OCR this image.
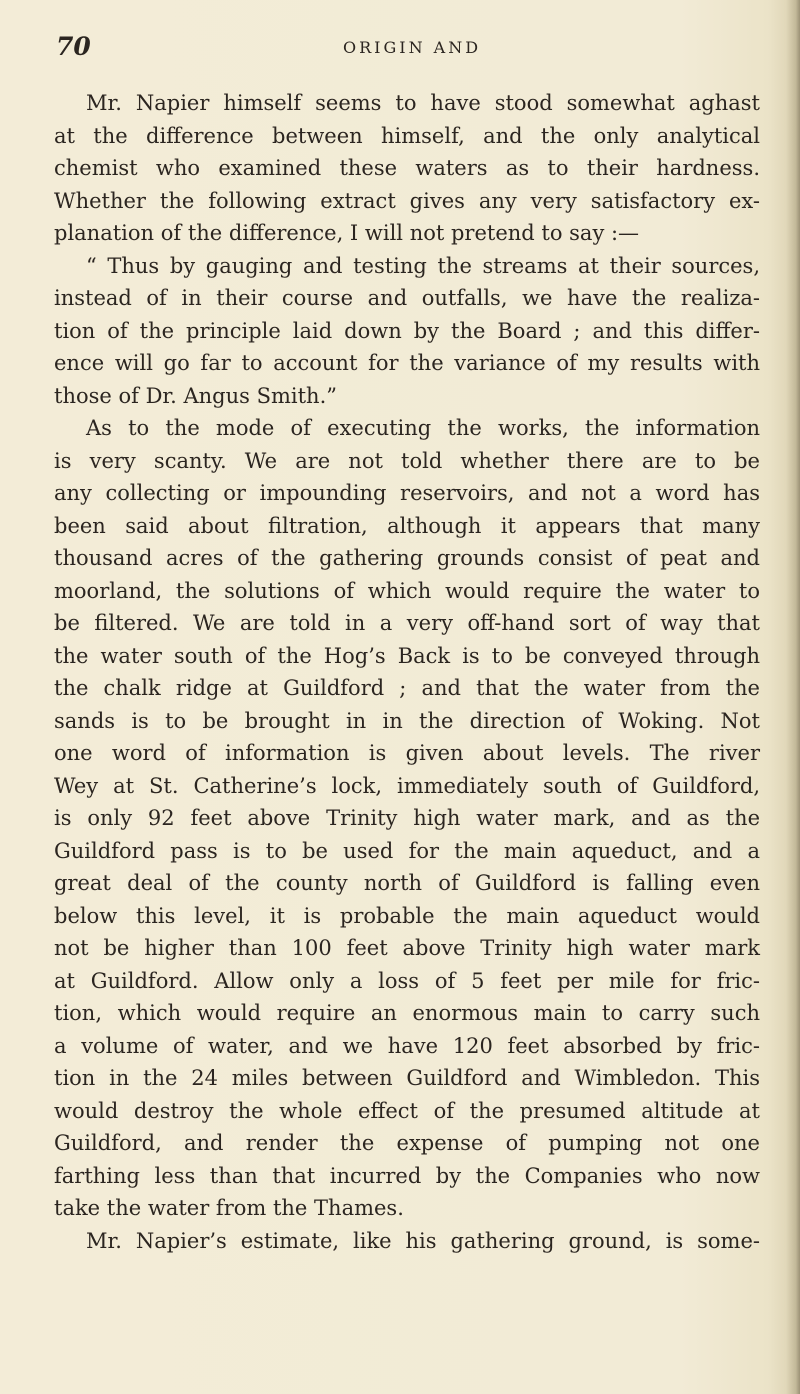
70	ORIGIN AND
Mr. Napier himself seems to have stood somewhat aghast
at the difference between himself, and the only analytical
chemist who examined these waters as to their hardness.
Whether the following extract gives any very satisfactory ex-
planation of the difference, I will not pretend to say :—
“ Thus by gauging and testing the streams at their sources,
instead of in their course and outfalls, we have the realiza-
tion of the principle laid down by the Board ; and this differ-
ence will go far to account for the variance of my results with
those of Dr. Angus Smith.”
As to the mode of executing the works, the information
is very scanty. We are not told whether there are to be
any collecting or impounding reservoirs, and not a word has
been said about filtration, although it appears that many
thousand acres of the gathering grounds consist of peat and
moorland, the solutions of which would require the water to
be filtered. We are told in a very off-hand sort of way that
the water south of the Hog’s Back is to be conveyed through
the chalk ridge at Guildford ; and that the water from the
sands is to be brought in in the direction of Woking. Not
one word of information is given about levels. The river
Wey at St. Catherine’s lock, immediately south of Guildford,
is only 92 feet above Trinity high water mark, and as the
Guildford pass is to be used for the main aqueduct, and a
great deal of the county north of Guildford is falling even
below this level, it is probable the main aqueduct would
not be higher than 100 feet above Trinity high water mark
at Guildford. Allow only a loss of 5 feet per mile for fric-
tion, which would require an enormous main to carry such
a volume of water, and we have 120 feet absorbed by fric-
tion in the 24 miles between Guildford and Wimbledon. This
would destroy the whole effect of the presumed altitude at
Guildford, and render the expense of pumping not one
farthing less than that incurred by the Companies who now
take the water from the Thames.
Mr. Napier’s estimate, like his gathering ground, is some-
